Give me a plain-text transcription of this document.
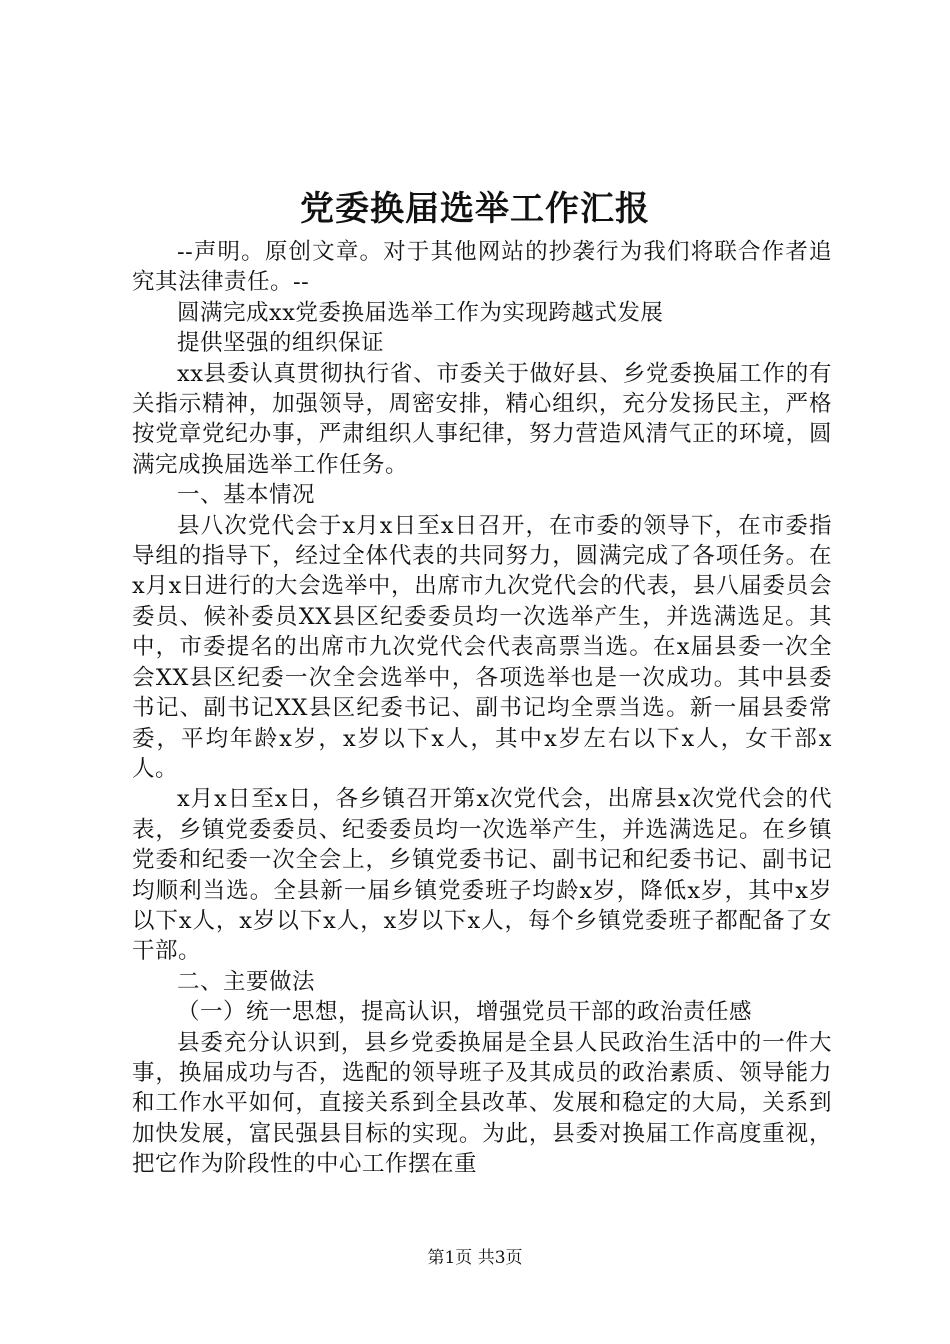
党委换届选举工作汇报

--声明。原创文章。对于其他网站的抄袭行为我们将联合作者追究其法律责任。--

圆满完成xx党委换届选举工作为实现跨越式发展

提供坚强的组织保证

xx县委认真贯彻执行省、市委关于做好县、乡党委换届工作的有关指示精神，加强领导，周密安排，精心组织，充分发扬民主，严格按党章党纪办事，严肃组织人事纪律，努力营造风清气正的环境，圆满完成换届选举工作任务。

一、基本情况

县八次党代会于x月x日至x日召开，在市委的领导下，在市委指导组的指导下，经过全体代表的共同努力，圆满完成了各项任务。在x月x日进行的大会选举中，出席市九次党代会的代表，县八届委员会委员、候补委员XX县区纪委委员均一次选举产生，并选满选足。其中，市委提名的出席市九次党代会代表高票当选。在x届县委一次全会XX县区纪委一次全会选举中，各项选举也是一次成功。其中县委书记、副书记XX县区纪委书记、副书记均全票当选。新一届县委常委，平均年龄x岁，x岁以下x人，其中x岁左右以下x人，女干部x人。

x月x日至x日，各乡镇召开第x次党代会，出席县x次党代会的代表，乡镇党委委员、纪委委员均一次选举产生，并选满选足。在乡镇党委和纪委一次全会上，乡镇党委书记、副书记和纪委书记、副书记均顺利当选。全县新一届乡镇党委班子均龄x岁，降低x岁，其中x岁以下x人，x岁以下x人，x岁以下x人，每个乡镇党委班子都配备了女干部。

二、主要做法

（一）统一思想，提高认识，增强党员干部的政治责任感

县委充分认识到，县乡党委换届是全县人民政治生活中的一件大事，换届成功与否，选配的领导班子及其成员的政治素质、领导能力和工作水平如何，直接关系到全县改革、发展和稳定的大局，关系到加快发展，富民强县目标的实现。为此，县委对换届工作高度重视，把它作为阶段性的中心工作摆在重

第1页 共3页
